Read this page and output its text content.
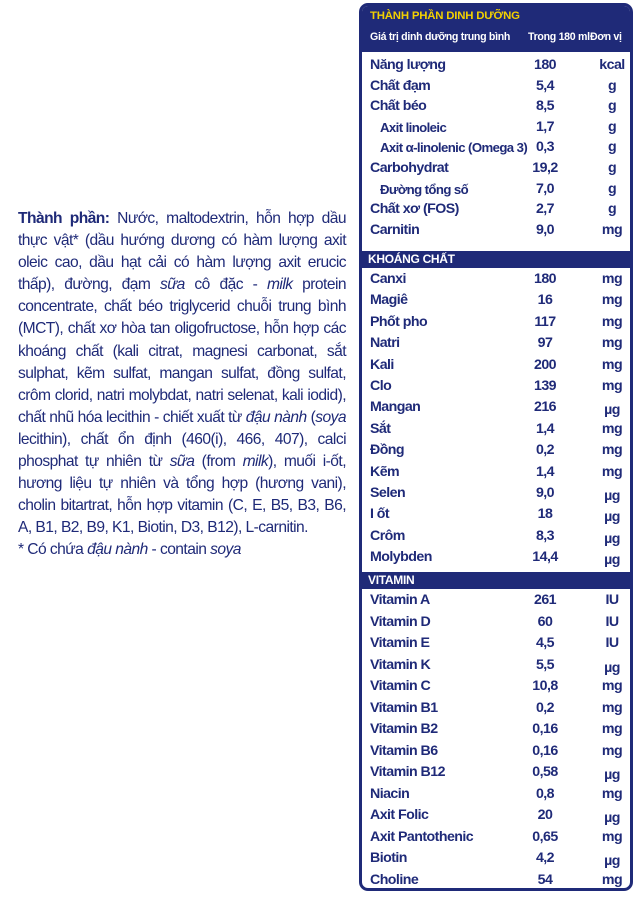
Thành phần: Nước, maltodextrin, hỗn hợp dầu thực vật* (dầu hướng dương có hàm lượng axit oleic cao, dầu hạt cải có hàm lượng axit erucic thấp), đường, đạm sữa cô đặc - milk protein concentrate, chất béo triglycerid chuỗi trung bình (MCT), chất xơ hòa tan oligofructose, hỗn hợp các khoáng chất (kali citrat, magnesi carbonat, sắt sulphat, kẽm sulfat, mangan sulfat, đồng sulfat, crôm clorid, natri molybdat, natri selenat, kali iodid), chất nhũ hóa lecithin - chiết xuất từ đậu nành (soya lecithin), chất ổn định (460(i), 466, 407), calci phosphat tự nhiên từ sữa (from milk), muối i-ốt, hương liệu tự nhiên và tổng hợp (hương vani), cholin bitartrat, hỗn hợp vitamin (C, E, B5, B3, B6, A, B1, B2, B9, K1, Biotin, D3, B12), L-carnitin.

* Có chứa đậu nành - contain soya

THÀNH PHẦN DINH DƯỠNG
Giá trị dinh dưỡng trung bình Trong 180 ml Đơn vị
Năng lượng	180	kcal
Chất đạm	5,4	g
Chất béo	8,5	g
Axit linoleic	1,7	g
Axit α-linolenic (Omega 3) 0,3	g
Carbohydrat	19,2	g
Đường tổng số	7,0	g
Chất xơ (FOS)	2,7	g
Carnitin	9,0	mg
KHOÁNG CHẤT
Canxi	180	mg
Magiê	16	mg
Phốt pho	117	mg
Natri	97	mg
Kali	200	mg
Clo	139	mg
Mangan	216	µg
Sắt	1,4	mg
Đồng	0,2	mg
Kẽm	1,4	mg
Selen	9,0	µg
I ốt	18	µg
Crôm	8,3	µg
Molybden	14,4	µg
VITAMIN
Vitamin A	261	IU
Vitamin D	60	IU
Vitamin E	4,5	IU
Vitamin K	5,5	µg
Vitamin C	10,8	mg
Vitamin B1	0,2	mg
Vitamin B2	0,16	mg
Vitamin B6	0,16	mg
Vitamin B12	0,58	µg
Niacin	0,8	mg
Axit Folic	20	µg
Axit Pantothenic	0,65	mg
Biotin	4,2	µg
Choline	54	mg
